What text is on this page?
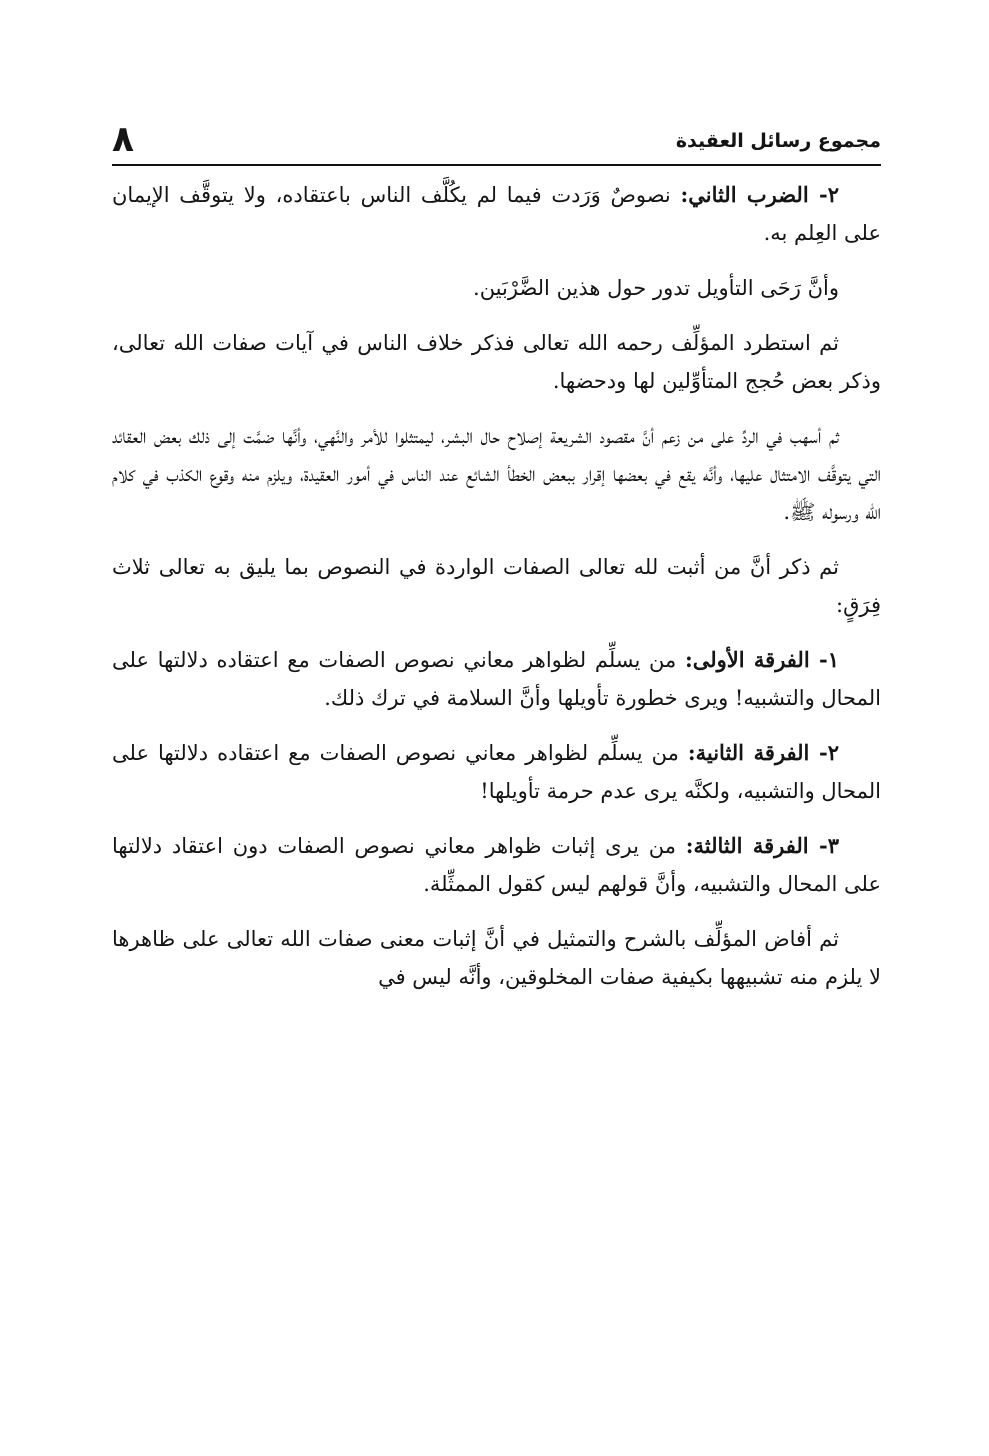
٨	مجموع رسائل العقيدة

٢- الضرب الثاني: نصوصٌ وَرَدت فيما لم يكُلَّف الناس باعتقاده، ولا يتوقَّف الإيمان على العِلم به.

وأنَّ رَحَى التأويل تدور حول هذين الضَّرْبَين.

ثم استطرد المؤلِّف رحمه الله تعالى فذكر خلاف الناس في آيات صفات الله تعالى، وذكر بعض حُجج المتأوِّلين لها ودحضها.

ثم أسهب في الردِّ على من زعم أنَّ مقصود الشريعة إصلاح حال البشر، ليمتثلوا للأمر والنَّهي، وأنَّها ضمَّت إلى ذلك بعض العقائد التي يتوقَّف الامتثال عليها، وأنَّه يقع في بعضها إقرار ببعض الخطأ الشائع عند الناس في أمور العقيدة، ويلزم منه وقوع الكذب في كلام الله ورسوله ﷺ.

ثم ذكر أنَّ من أثبت لله تعالى الصفات الواردة في النصوص بما يليق به تعالى ثلاث فِرَقٍ:

١- الفرقة الأولى: من يسلِّم لظواهر معاني نصوص الصفات مع اعتقاده دلالتها على المحال والتشبيه! ويرى خطورة تأويلها وأنَّ السلامة في ترك ذلك.

٢- الفرقة الثانية: من يسلِّم لظواهر معاني نصوص الصفات مع اعتقاده دلالتها على المحال والتشبيه، ولكنَّه يرى عدم حرمة تأويلها!

٣- الفرقة الثالثة: من يرى إثبات ظواهر معاني نصوص الصفات دون اعتقاد دلالتها على المحال والتشبيه، وأنَّ قولهم ليس كقول الممثِّلة.

ثم أفاض المؤلِّف بالشرح والتمثيل في أنَّ إثبات معنى صفات الله تعالى على ظاهرها لا يلزم منه تشبيهها بكيفية صفات المخلوقين، وأنَّه ليس في
